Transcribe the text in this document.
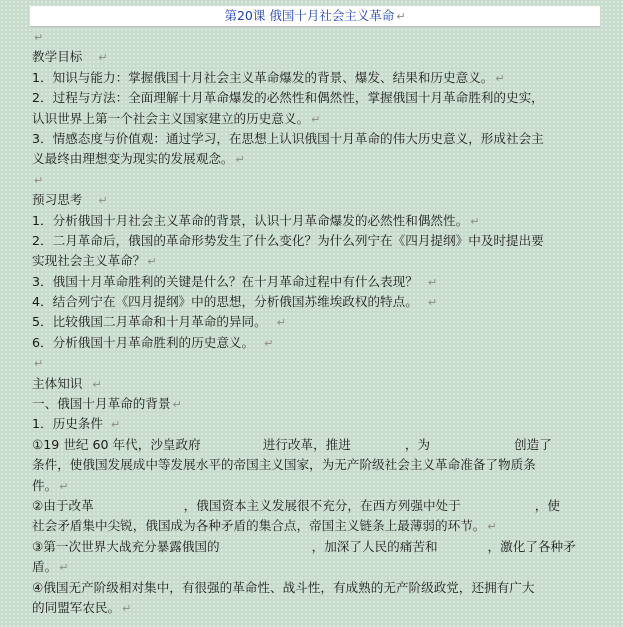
第20课 俄国十月社会主义革命 ↵
↵
教学目标 ↵
1．知识与能力：掌握俄国十月社会主义革命爆发的背景、爆发、结果和历史意义。 ↵
2．过程与方法：全面理解十月革命爆发的必然性和偶然性，掌握俄国十月革命胜利的史实，
认识世界上第一个社会主义国家建立的历史意义。 ↵
3．情感态度与价值观：通过学习，在思想上认识俄国十月革命的伟大历史意义，形成社会主
义最终由理想变为现实的发展观念。 ↵
↵
预习思考 ↵
1．分析俄国十月社会主义革命的背景，认识十月革命爆发的必然性和偶然性。 ↵
2．二月革命后，俄国的革命形势发生了什么变化？为什么列宁在《四月提纲》中及时提出要
实现社会主义革命？ ↵
3．俄国十月革命胜利的关键是什么？在十月革命过程中有什么表现？ ↵
4．结合列宁在《四月提纲》中的思想，分析俄国苏维埃政权的特点。 ↵
5．比较俄国二月革命和十月革命的异同。 ↵
6．分析俄国十月革命胜利的历史意义。 ↵
↵
主体知识 ↵
一、俄国十月革命的背景 ↵
1．历史条件 ↵
①19 世纪 60 年代，沙皇政府	进行改革，推进	，为	创造了
条件，使俄国发展成中等发展水平的帝国主义国家，为无产阶级社会主义革命准备了物质条
件。 ↵
②由于改革	，俄国资本主义发展很不充分，在西方列强中处于	，使
社会矛盾集中尖锐，俄国成为各种矛盾的集合点，帝国主义链条上最薄弱的环节。 ↵
③第一次世界大战充分暴露俄国的	，加深了人民的痛苦和	，激化了各种矛
盾。 ↵
④俄国无产阶级相对集中，有很强的革命性、战斗性，有成熟的无产阶级政党，还拥有广大
的同盟军农民。 ↵
